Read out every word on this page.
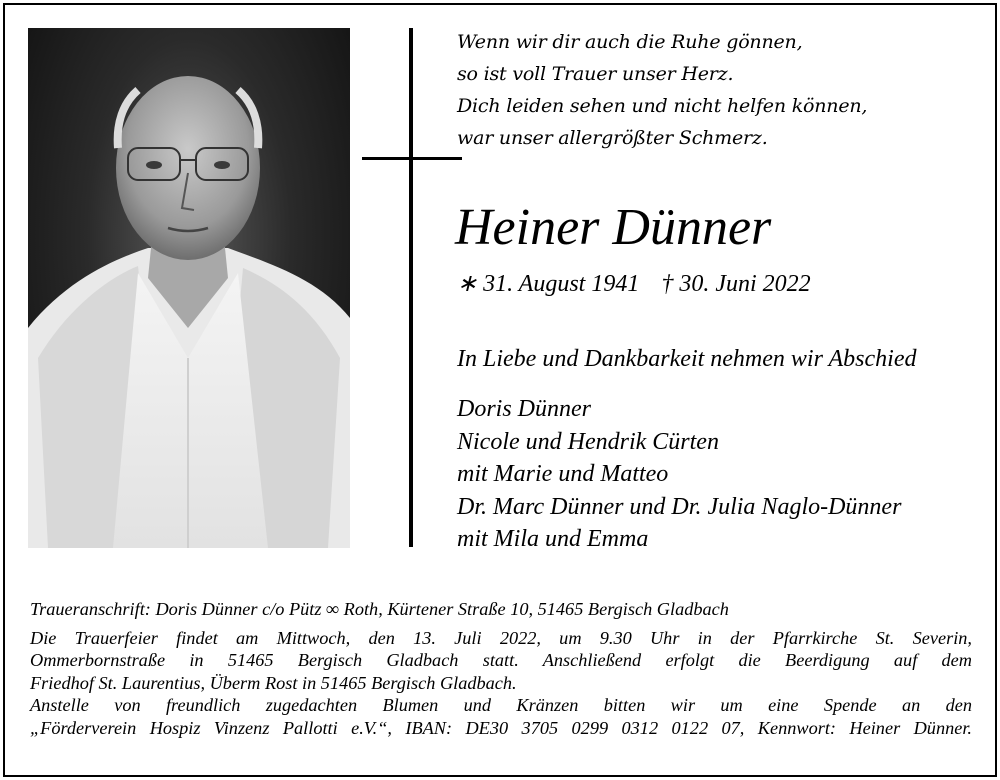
Wenn wir dir auch die Ruhe gönnen,
so ist voll Trauer unser Herz.
Dich leiden sehen und nicht helfen können,
war unser allergrößter Schmerz.
Heiner Dünner
∗ 31. August 1941 † 30. Juni 2022
In Liebe und Dankbarkeit nehmen wir Abschied
Doris Dünner
Nicole und Hendrik Cürten
mit Marie und Matteo
Dr. Marc Dünner und Dr. Julia Naglo-Dünner
mit Mila und Emma
Traueranschrift: Doris Dünner c/o Pütz ∞ Roth, Kürtener Straße 10, 51465 Bergisch Gladbach
Die Trauerfeier findet am Mittwoch, den 13. Juli 2022, um 9.30 Uhr in der Pfarrkirche St. Severin,
Ommerbornstraße in 51465 Bergisch Gladbach statt. Anschließend erfolgt die Beerdigung auf dem
Friedhof St. Laurentius, Überm Rost in 51465 Bergisch Gladbach.
Anstelle von freundlich zugedachten Blumen und Kränzen bitten wir um eine Spende an den
„Förderverein Hospiz Vinzenz Pallotti e.V.“, IBAN: DE30 3705 0299 0312 0122 07, Kennwort: Heiner Dünner.
